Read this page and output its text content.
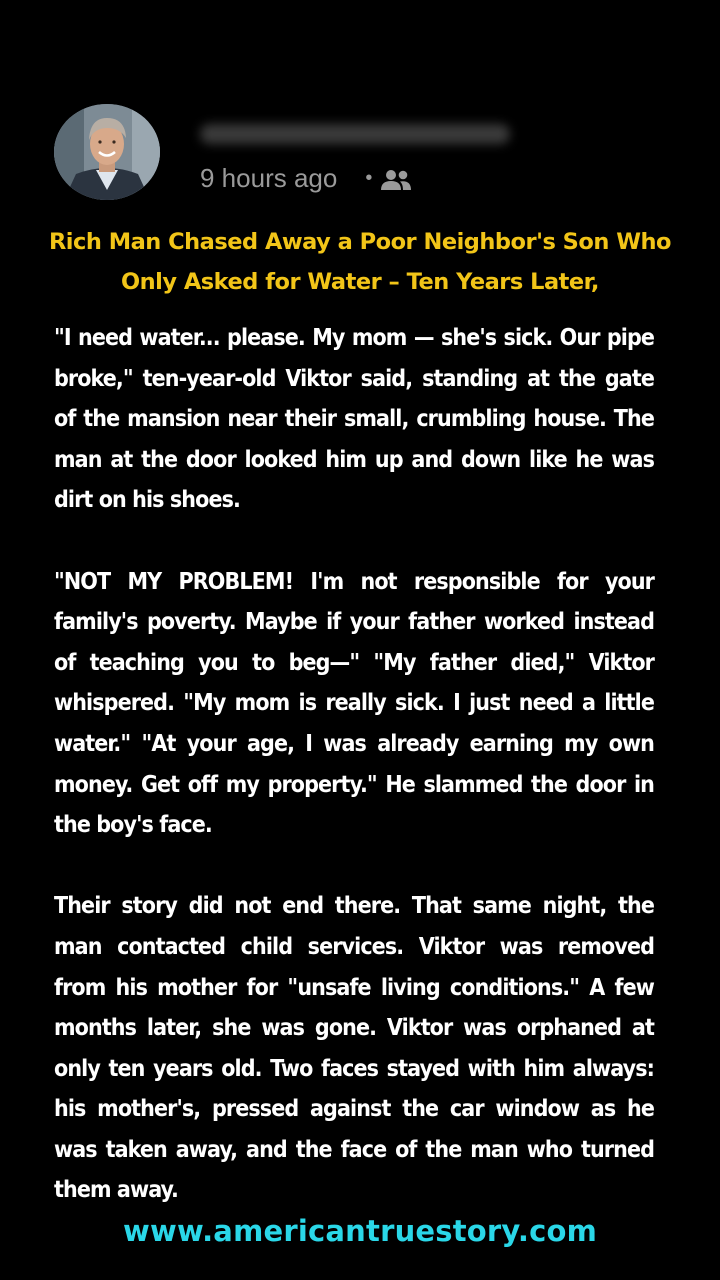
9 hours ago •
Rich Man Chased Away a Poor Neighbor's Son Who Only Asked for Water – Ten Years Later,

"I need water... please. My mom — she's sick. Our pipe broke," ten-year-old Viktor said, standing at the gate of the mansion near their small, crumbling house. The man at the door looked him up and down like he was dirt on his shoes.

"NOT MY PROBLEM! I'm not responsible for your family's poverty. Maybe if your father worked instead of teaching you to beg—" "My father died," Viktor whispered. "My mom is really sick. I just need a little water." "At your age, I was already earning my own money. Get off my property." He slammed the door in the boy's face.

Their story did not end there. That same night, the man contacted child services. Viktor was removed from his mother for "unsafe living conditions." A few months later, she was gone. Viktor was orphaned at only ten years old. Two faces stayed with him always: his mother's, pressed against the car window as he was taken away, and the face of the man who turned them away.

www.americantruestory.com
